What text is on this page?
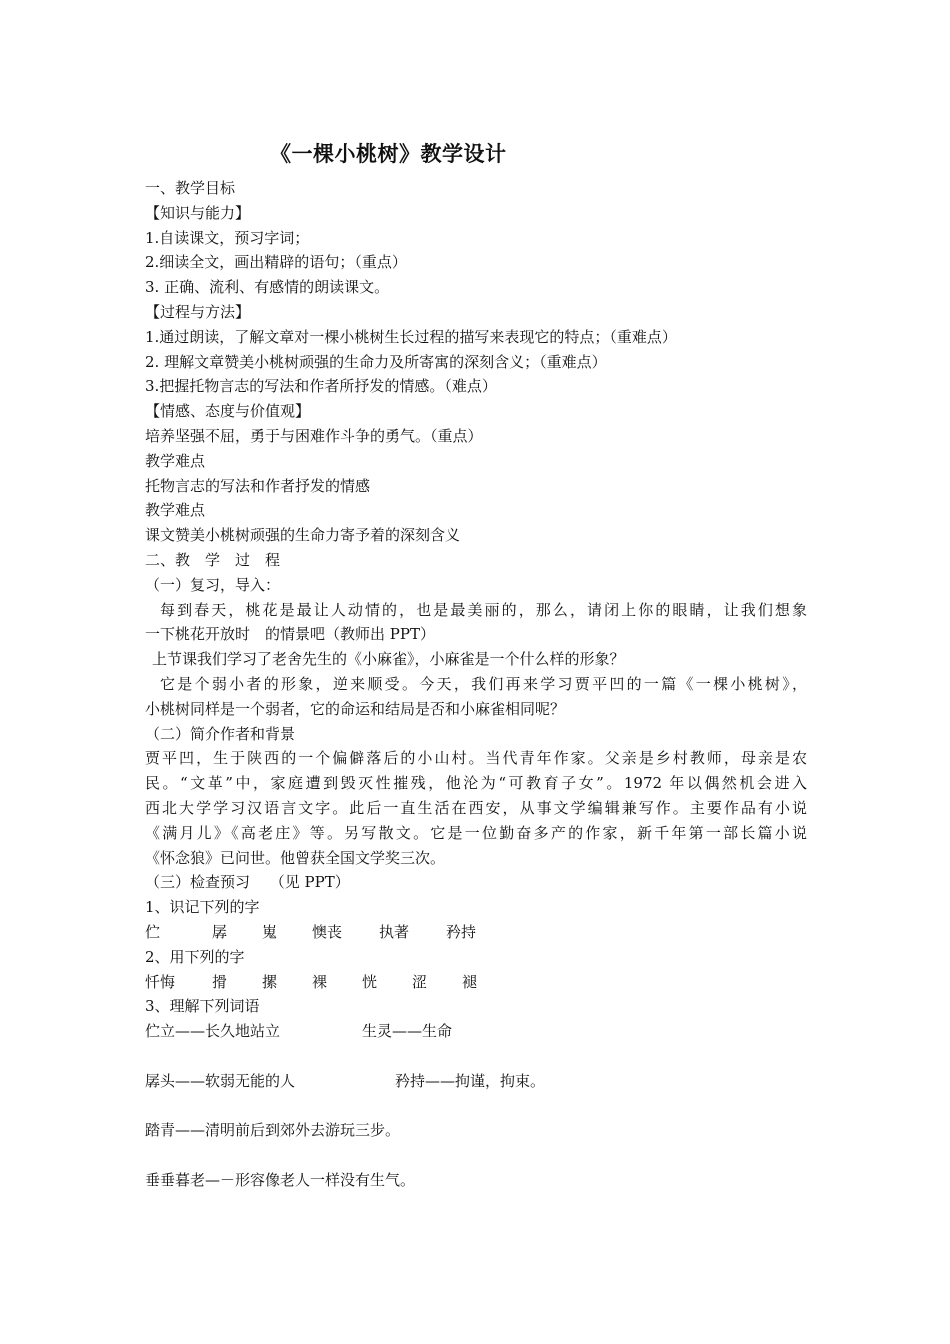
《一棵小桃树》教学设计
一、教学目标
【知识与能力】
1.自读课文，预习字词；
2.细读全文，画出精辟的语句；（重点）
3. 正确、流利、有感情的朗读课文。
【过程与方法】
1.通过朗读，了解文章对一棵小桃树生长过程的描写来表现它的特点；（重难点）
2. 理解文章赞美小桃树顽强的生命力及所寄寓的深刻含义；（重难点）
3.把握托物言志的写法和作者所抒发的情感。（难点）
【情感、态度与价值观】
培养坚强不屈，勇于与困难作斗争的勇气。（重点）
教学难点
托物言志的写法和作者抒发的情感
教学难点
课文赞美小桃树顽强的生命力寄予着的深刻含义
二、教　学　过　程
（一）复习，导入：
每到春天，桃花是最让人动情的，也是最美丽的，那么，请闭上你的眼睛，让我们想象
一下桃花开放时　的情景吧（教师出 PPT）
上节课我们学习了老舍先生的《小麻雀》，小麻雀是一个什么样的形象？
它是个弱小者的形象，逆来顺受。今天，我们再来学习贾平凹的一篇《一棵小桃树》，
小桃树同样是一个弱者，它的命运和结局是否和小麻雀相同呢？
（二）简介作者和背景
贾平凹，生于陕西的一个偏僻落后的小山村。当代青年作家。父亲是乡村教师，母亲是农
民。“文革”中，家庭遭到毁灭性摧残，他沦为“可教育子女”。1972 年以偶然机会进入
西北大学学习汉语言文字。此后一直生活在西安，从事文学编辑兼写作。主要作品有小说
《满月儿》《高老庄》等。另写散文。它是一位勤奋多产的作家，新千年第一部长篇小说
《怀念狼》已问世。他曾获全国文学奖三次。
（三）检查预习　 （见 PPT）
1、识记下列的字
伫	孱	嵬	懊丧	执著	矜持
2、用下列的字
忏悔	搰	摞	裸	恍	涩	褪
3、理解下列词语
伫立——长久地站立	生灵——生命
孱头——软弱无能的人	矜持——拘谨，拘束。
踏青——清明前后到郊外去游玩三步。
垂垂暮老—－形容像老人一样没有生气。
